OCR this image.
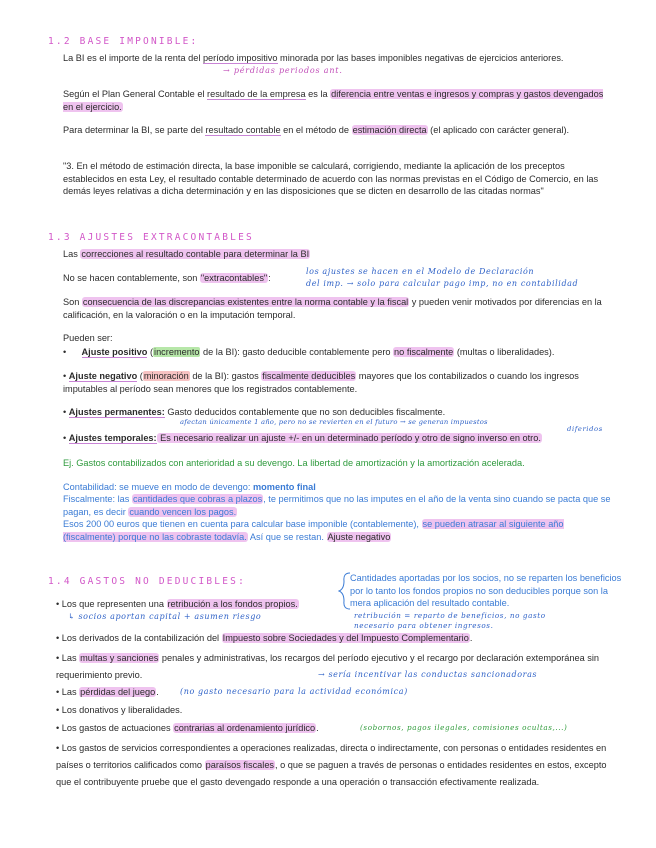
1.2 BASE IMPONIBLE:
La BI es el importe de la renta del período impositivo minorada por las bases imponibles negativas de ejercicios anteriores.
→ pérdidas periodos ant.
Según el Plan General Contable el resultado de la empresa es la diferencia entre ventas e ingresos y compras y gastos devengados en el ejercicio.
Para determinar la BI, se parte del resultado contable en el método de estimación directa (el aplicado con carácter general).
"3. En el método de estimación directa, la base imponible se calculará, corrigiendo, mediante la aplicación de los preceptos establecidos en esta Ley, el resultado contable determinado de acuerdo con las normas previstas en el Código de Comercio, en las demás leyes relativas a dicha determinación y en las disposiciones que se dicten en desarrollo de las citadas normas"
1.3 AJUSTES EXTRACONTABLES
Las correcciones al resultado contable para determinar la BI
No se hacen contablemente, son "extracontables":
los ajustes se hacen en el Modelo de Declaración
del imp. → solo para calcular pago imp, no en contabilidad
Son consecuencia de las discrepancias existentes entre la norma contable y la fiscal y pueden venir motivados por diferencias en la calificación, en la valoración o en la imputación temporal.
Pueden ser:
• Ajuste positivo (incremento de la BI): gasto deducible contablemente pero no fiscalmente (multas o liberalidades).
• Ajuste negativo (minoración de la BI): gastos fiscalmente deducibles mayores que los contabilizados o cuando los ingresos imputables al período sean menores que los registrados contablemente.
• Ajustes permanentes: Gasto deducidos contablemente que no son deducibles fiscalmente.
afectan únicamente 1 año, pero no se revierten en el futuro → se generan impuestos
diferidos
• Ajustes temporales: Es necesario realizar un ajuste +/- en un determinado período y otro de signo inverso en otro.
Ej. Gastos contabilizados con anterioridad a su devengo. La libertad de amortización y la amortización acelerada.
Contabilidad: se mueve en modo de devengo: momento final
Fiscalmente: las cantidades que cobras a plazos, te permitimos que no las imputes en el año de la venta sino cuando se pacta que se pagan, es decir cuando vencen los pagos.
Esos 200 00 euros que tienen en cuenta para calcular base imponible (contablemente), se pueden atrasar al siguiente año (fiscalmente) porque no las cobraste todavía. Así que se restan. Ajuste negativo
1.4 GASTOS NO DEDUCIBLES:	Cantidades aportadas por los socios, no se reparten los beneficios por lo tanto los fondos propios no son deducibles porque son la mera aplicación del resultado contable.
retribución = reparto de beneficios, no gasto
necesario para obtener ingresos.
• Los que representen una retribución a los fondos propios.
↳ socios aportan capital + asumen riesgo
• Los derivados de la contabilización del Impuesto sobre Sociedades y del Impuesto Complementario.
• Las multas y sanciones penales y administrativas, los recargos del período ejecutivo y el recargo por declaración extemporánea sin requerimiento previo.	→ sería incentivar las conductas sancionadoras
• Las pérdidas del juego.	(no gasto necesario para la actividad económica)
• Los donativos y liberalidades.
• Los gastos de actuaciones contrarias al ordenamiento jurídico.	(sobornos, pagos ilegales, comisiones ocultas,...)
• Los gastos de servicios correspondientes a operaciones realizadas, directa o indirectamente, con personas o entidades residentes en países o territorios calificados como paraísos fiscales, o que se paguen a través de personas o entidades residentes en estos, excepto que el contribuyente pruebe que el gasto devengado responde a una operación o transacción efectivamente realizada.
